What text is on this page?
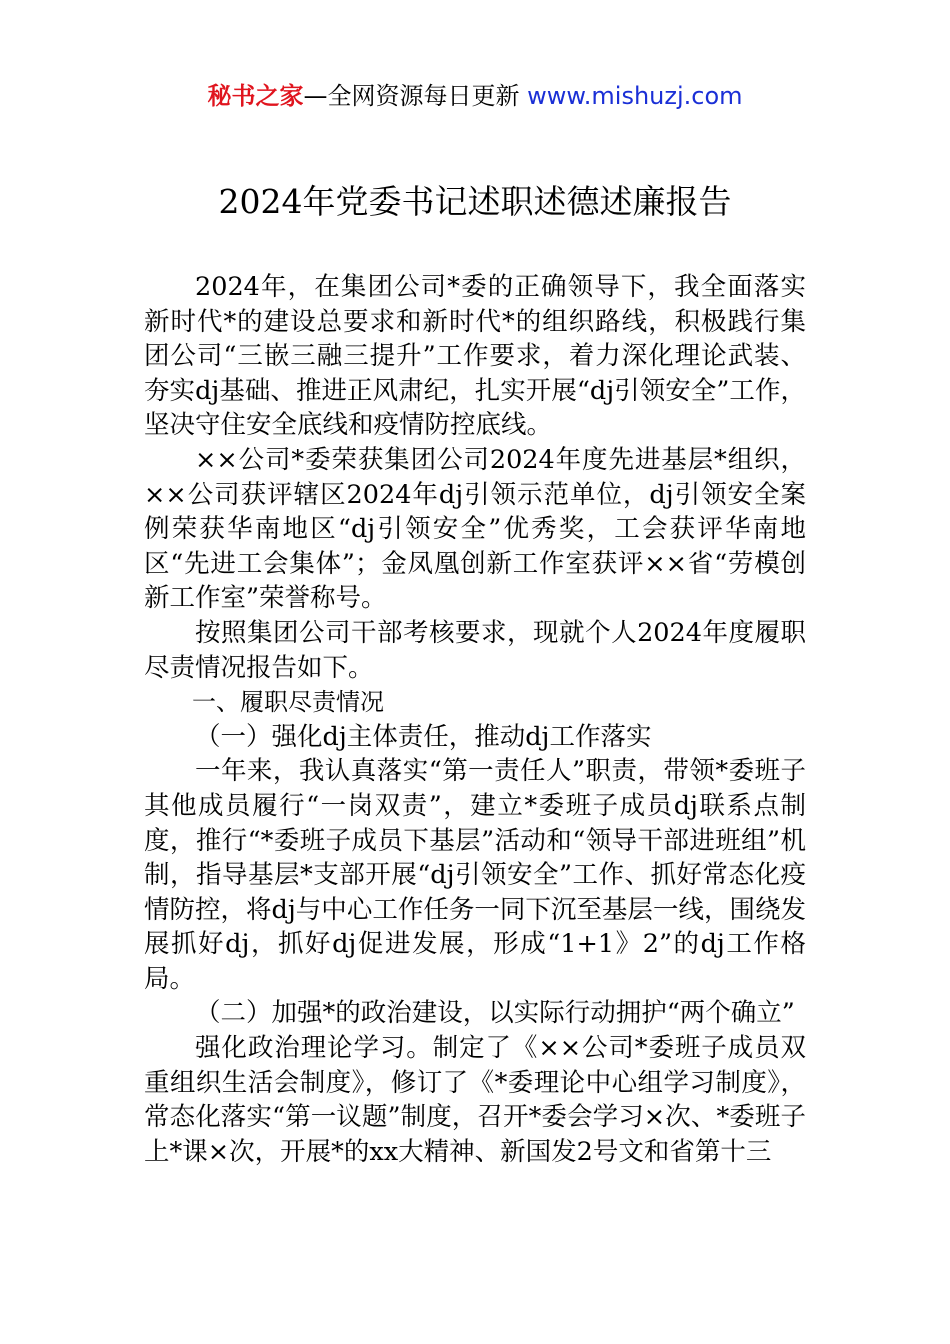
秘书之家—全网资源每日更新 www.mishuzj.com
2024年党委书记述职述德述廉报告

2024年，在集团公司*委的正确领导下，我全面落实新时代*的建设总要求和新时代*的组织路线，积极践行集团公司“三嵌三融三提升”工作要求，着力深化理论武装、夯实dj基础、推进正风肃纪，扎实开展“dj引领安全”工作，坚决守住安全底线和疫情防控底线。

××公司*委荣获集团公司2024年度先进基层*组织，××公司获评辖区2024年dj引领示范单位，dj引领安全案例荣获华南地区“dj引领安全”优秀奖，工会获评华南地区“先进工会集体”；金凤凰创新工作室获评××省“劳模创新工作室”荣誉称号。

按照集团公司干部考核要求，现就个人2024年度履职尽责情况报告如下。

一、履职尽责情况

（一）强化dj主体责任，推动dj工作落实

一年来，我认真落实“第一责任人”职责，带领*委班子其他成员履行“一岗双责”，建立*委班子成员dj联系点制度，推行“*委班子成员下基层”活动和“领导干部进班组”机制，指导基层*支部开展“dj引领安全”工作、抓好常态化疫情防控，将dj与中心工作任务一同下沉至基层一线，围绕发展抓好dj，抓好dj促进发展，形成“1+1》2”的dj工作格局。

（二）加强*的政治建设，以实际行动拥护“两个确立”

强化政治理论学习。制定了《××公司*委班子成员双重组织生活会制度》，修订了《*委理论中心组学习制度》，常态化落实“第一议题”制度，召开*委会学习×次、*委班子上*课×次，开展*的xx大精神、新国发2号文和省第十三
